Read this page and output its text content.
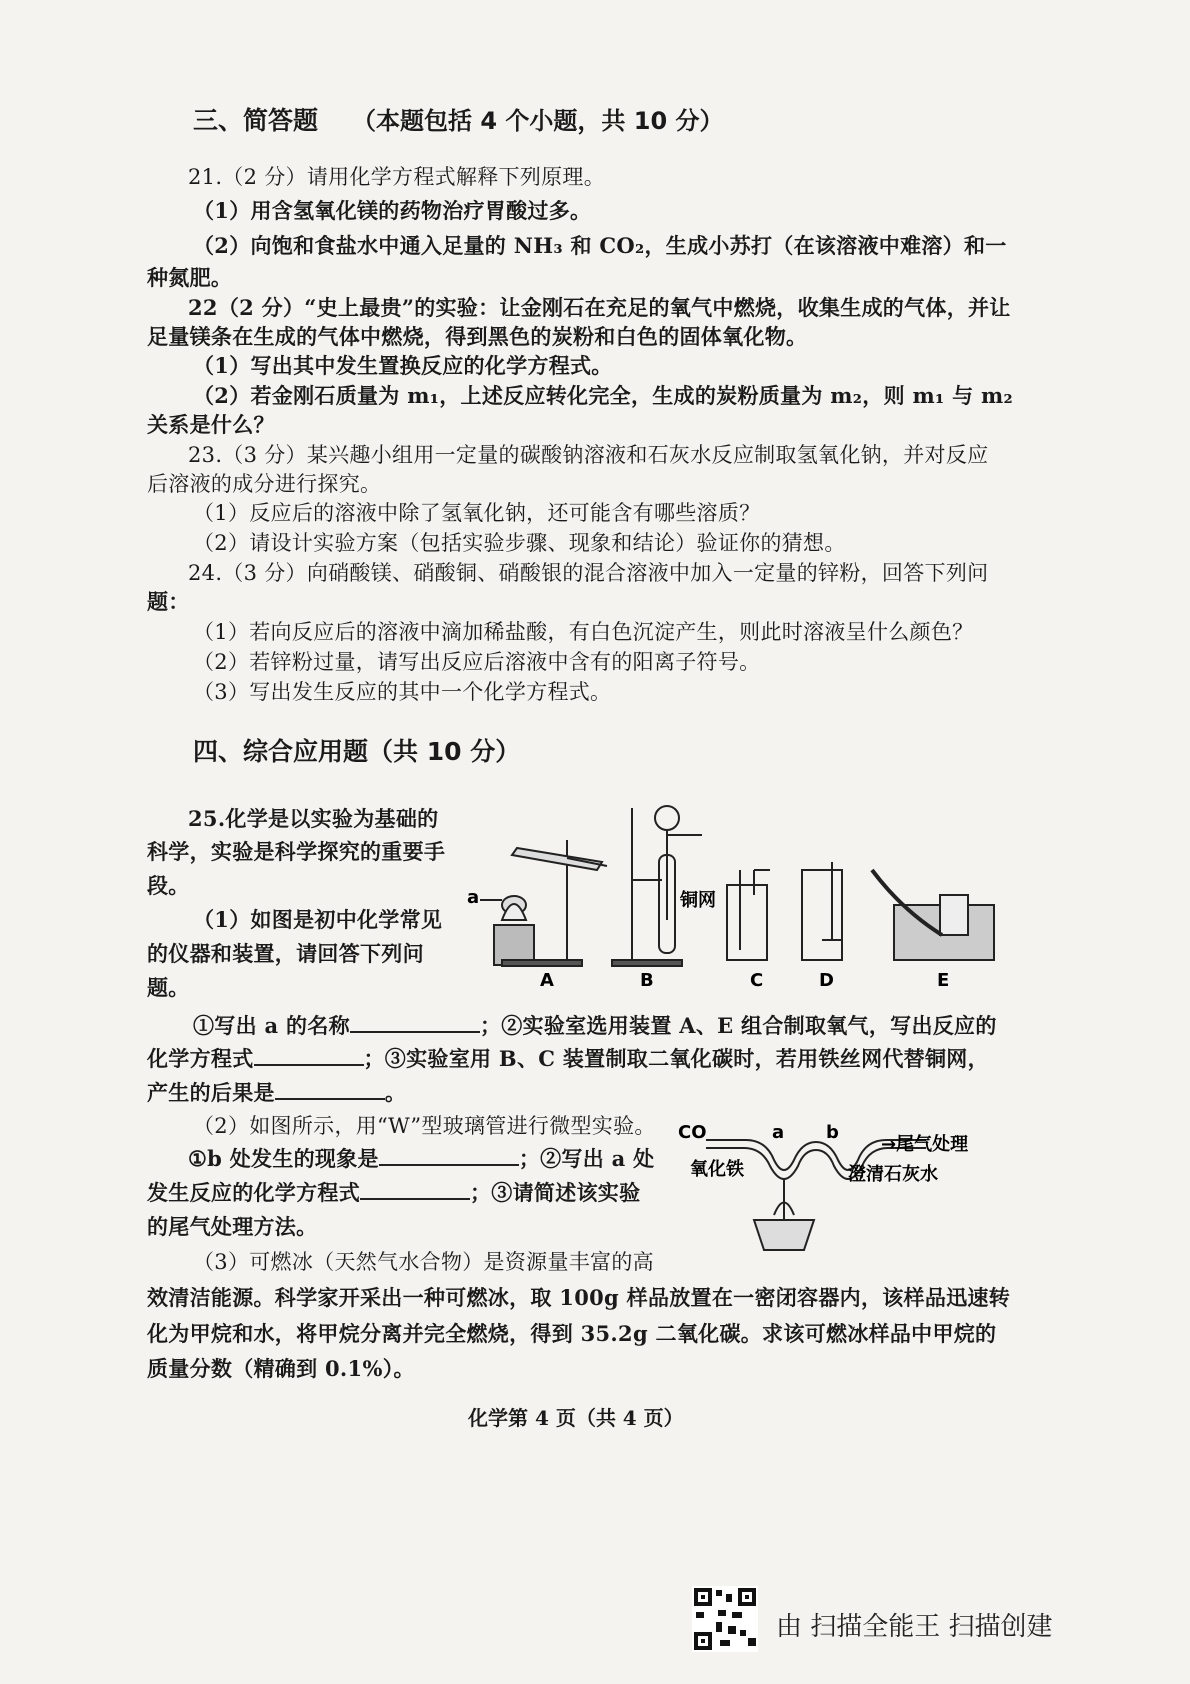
三、简答题 （本题包括 4 个小题，共 10 分）
21.（2 分）请用化学方程式解释下列原理。
（1）用含氢氧化镁的药物治疗胃酸过多。
（2）向饱和食盐水中通入足量的 NH₃ 和 CO₂，生成小苏打（在该溶液中难溶）和一
种氮肥。
22（2 分）“史上最贵”的实验：让金刚石在充足的氧气中燃烧，收集生成的气体，并让
足量镁条在生成的气体中燃烧，得到黑色的炭粉和白色的固体氧化物。
（1）写出其中发生置换反应的化学方程式。
（2）若金刚石质量为 m₁，上述反应转化完全，生成的炭粉质量为 m₂，则 m₁ 与 m₂
关系是什么？
23.（3 分）某兴趣小组用一定量的碳酸钠溶液和石灰水反应制取氢氧化钠，并对反应
后溶液的成分进行探究。
（1）反应后的溶液中除了氢氧化钠，还可能含有哪些溶质？
（2）请设计实验方案（包括实验步骤、现象和结论）验证你的猜想。
24.（3 分）向硝酸镁、硝酸铜、硝酸银的混合溶液中加入一定量的锌粉，回答下列问
题：
（1）若向反应后的溶液中滴加稀盐酸，有白色沉淀产生，则此时溶液呈什么颜色？
（2）若锌粉过量，请写出反应后溶液中含有的阳离子符号。
（3）写出发生反应的其中一个化学方程式。
四、综合应用题（共 10 分）
25.化学是以实验为基础的
科学，实验是科学探究的重要手
段。
（1）如图是初中化学常见
的仪器和装置，请回答下列问
题。
a	铜网
A	B	C	D	E
①写出 a 的名称	；②实验室选用装置 A、E 组合制取氧气，写出反应的
化学方程式	；③实验室用 B、C 装置制取二氧化碳时，若用铁丝网代替铜网，
产生的后果是	。
（2）如图所示，用“W”型玻璃管进行微型实验。
①b 处发生的现象是	；②写出 a 处
发生反应的化学方程式	；③请简述该实验
的尾气处理方法。
CO	a b
→尾气处理
氧化铁	澄清石灰水
（3）可燃冰（天然气水合物）是资源量丰富的高
效清洁能源。科学家开采出一种可燃冰，取 100g 样品放置在一密闭容器内，该样品迅速转
化为甲烷和水，将甲烷分离并完全燃烧，得到 35.2g 二氧化碳。求该可燃冰样品中甲烷的
质量分数（精确到 0.1%）。
化学第 4 页（共 4 页）
由 扫描全能王 扫描创建
